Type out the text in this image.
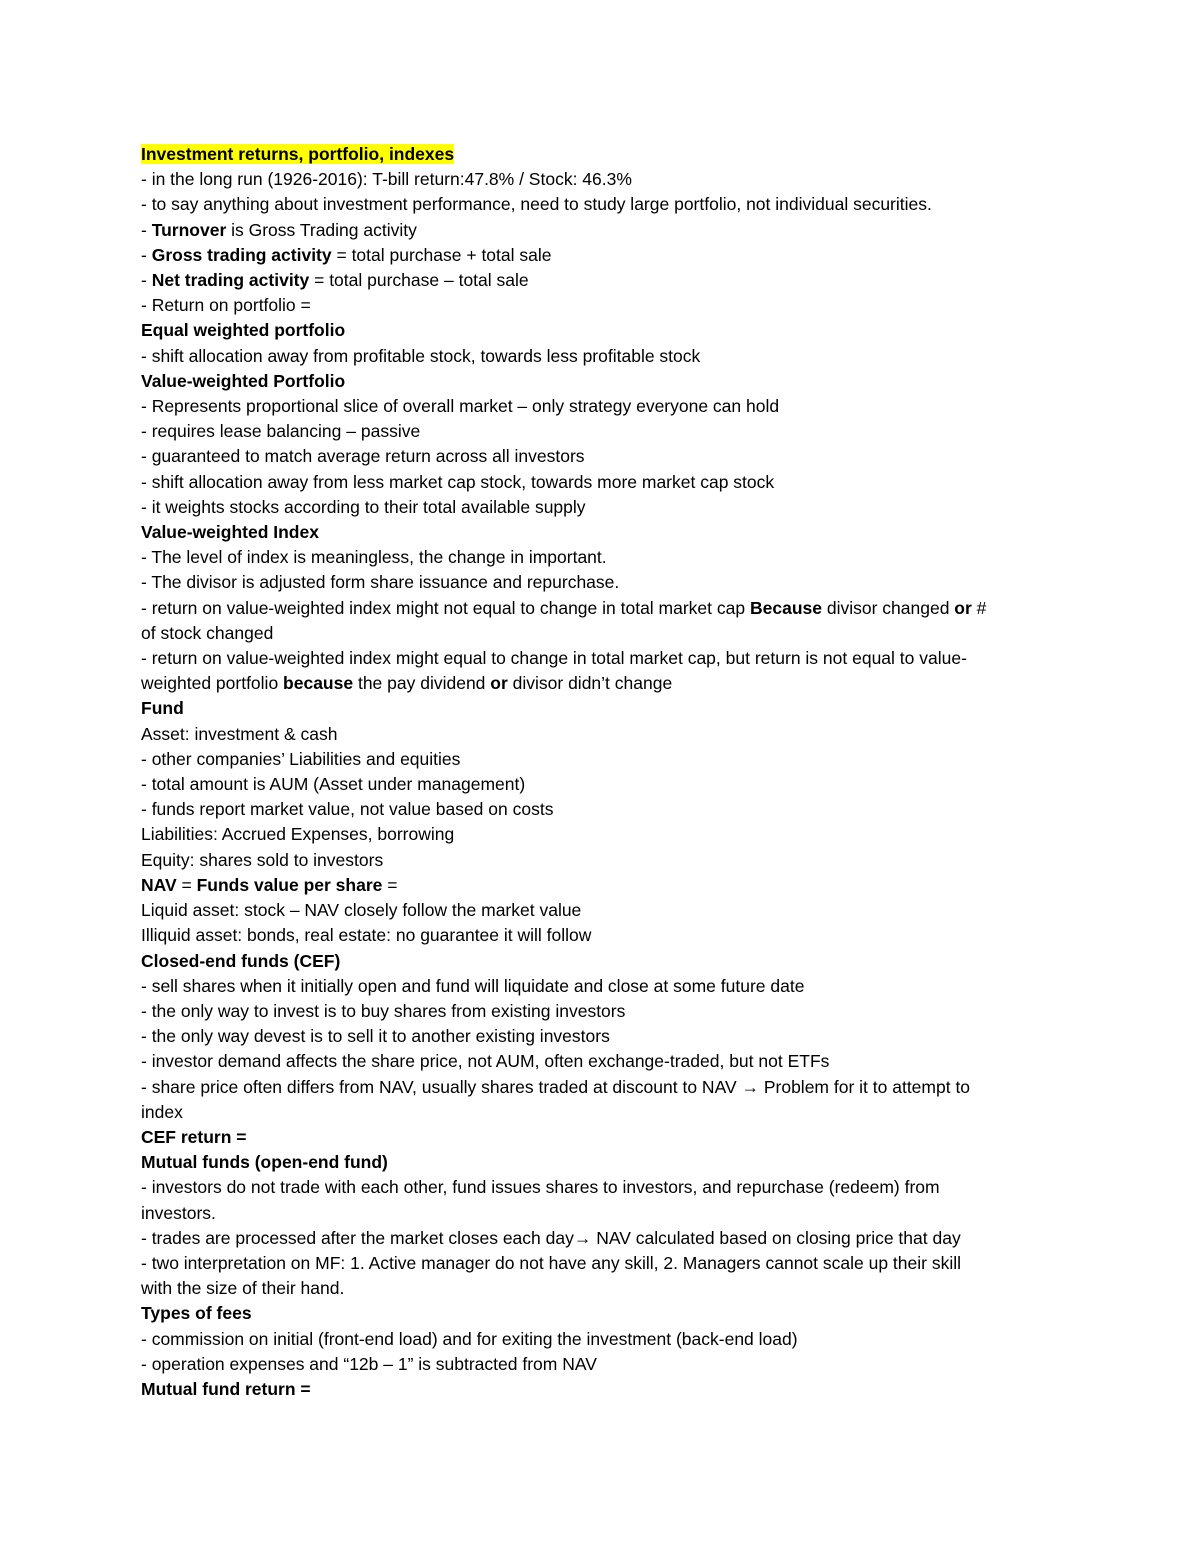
Investment returns, portfolio, indexes
- in the long run (1926-2016): T-bill return:47.8% / Stock: 46.3%
- to say anything about investment performance, need to study large portfolio, not individual securities.
- Turnover is Gross Trading activity
- Gross trading activity = total purchase + total sale
- Net trading activity = total purchase – total sale
- Return on portfolio =
Equal weighted portfolio
- shift allocation away from profitable stock, towards less profitable stock
Value-weighted Portfolio
- Represents proportional slice of overall market – only strategy everyone can hold
- requires lease balancing – passive
- guaranteed to match average return across all investors
- shift allocation away from less market cap stock, towards more market cap stock
- it weights stocks according to their total available supply
Value-weighted Index
- The level of index is meaningless, the change in important.
- The divisor is adjusted form share issuance and repurchase.
- return on value-weighted index might not equal to change in total market cap Because divisor changed or #
of stock changed
- return on value-weighted index might equal to change in total market cap, but return is not equal to value-
weighted portfolio because the pay dividend or divisor didn’t change
Fund
Asset: investment & cash
- other companies’ Liabilities and equities
- total amount is AUM (Asset under management)
- funds report market value, not value based on costs
Liabilities: Accrued Expenses, borrowing
Equity: shares sold to investors
NAV = Funds value per share =
Liquid asset: stock – NAV closely follow the market value
Illiquid asset: bonds, real estate: no guarantee it will follow
Closed-end funds (CEF)
- sell shares when it initially open and fund will liquidate and close at some future date
- the only way to invest is to buy shares from existing investors
- the only way devest is to sell it to another existing investors
- investor demand affects the share price, not AUM, often exchange-traded, but not ETFs
- share price often differs from NAV, usually shares traded at discount to NAV → Problem for it to attempt to
index
CEF return =
Mutual funds (open-end fund)
- investors do not trade with each other, fund issues shares to investors, and repurchase (redeem) from
investors.
- trades are processed after the market closes each day→ NAV calculated based on closing price that day
- two interpretation on MF: 1. Active manager do not have any skill, 2. Managers cannot scale up their skill
with the size of their hand.
Types of fees
- commission on initial (front-end load) and for exiting the investment (back-end load)
- operation expenses and “12b – 1” is subtracted from NAV
Mutual fund return =
